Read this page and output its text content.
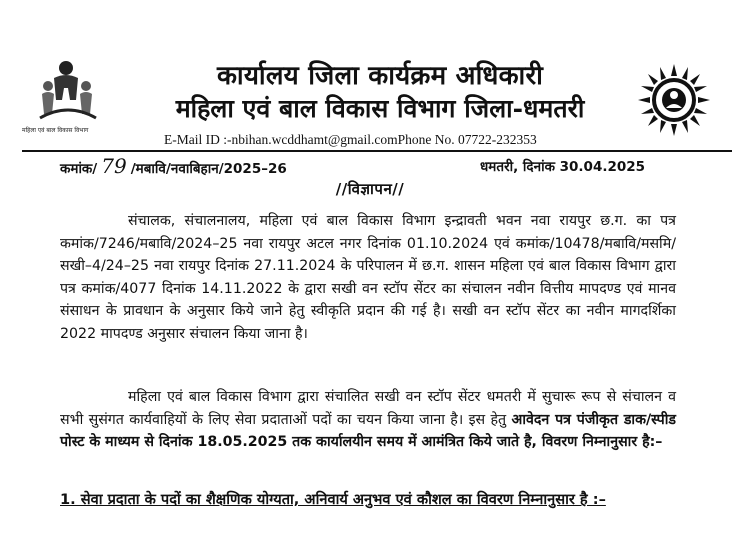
महिला एवं बाल विकास विभाग
कार्यालय जिला कार्यक्रम अधिकारी
महिला एवं बाल विकास विभाग जिला-धमतरी
E-Mail ID :-nbihan.wcddhamt@gmail.comPhone No. 07722-232353
कमांक/ 79 /मबावि/नवाबिहान/2025–26	धमतरी, दिनांक 30.04.2025
//विज्ञापन//
संचालक, संचालनालय, महिला एवं बाल विकास विभाग इन्द्रावती भवन नवा रायपुर छ.ग. का पत्र कमांक/7246/मबावि/2024–25 नवा रायपुर अटल नगर दिनांक 01.10.2024 एवं कमांक/10478/मबावि/मसमि/सखी–4/24–25 नवा रायपुर दिनांक 27.11.2024 के परिपालन में छ.ग. शासन महिला एवं बाल विकास विभाग द्वारा पत्र कमांक/4077 दिनांक 14.11.2022 के द्वारा सखी वन स्टॉप सेंटर का संचालन नवीन वित्तीय मापदण्ड एवं मानव संसाधन के प्रावधान के अनुसार किये जाने हेतु स्वीकृति प्रदान की गई है। सखी वन स्टॉप सेंटर का नवीन मागदर्शिका 2022 मापदण्ड अनुसार संचालन किया जाना है।
महिला एवं बाल विकास विभाग द्वारा संचालित सखी वन स्टॉप सेंटर धमतरी में सुचारू रूप से संचालन व सभी सुसंगत कार्यवाहियों के लिए सेवा प्रदाताओं पदों का चयन किया जाना है। इस हेतु आवेदन पत्र पंजीकृत डाक/स्पीड पोस्ट के माध्यम से दिनांक 18.05.2025 तक कार्यालयीन समय में आमंत्रित किये जाते है, विवरण निम्नानुसार है:–
1. सेवा प्रदाता के पदों का शैक्षणिक योग्यता, अनिवार्य अनुभव एवं कौशल का विवरण निम्नानुसार है :–
